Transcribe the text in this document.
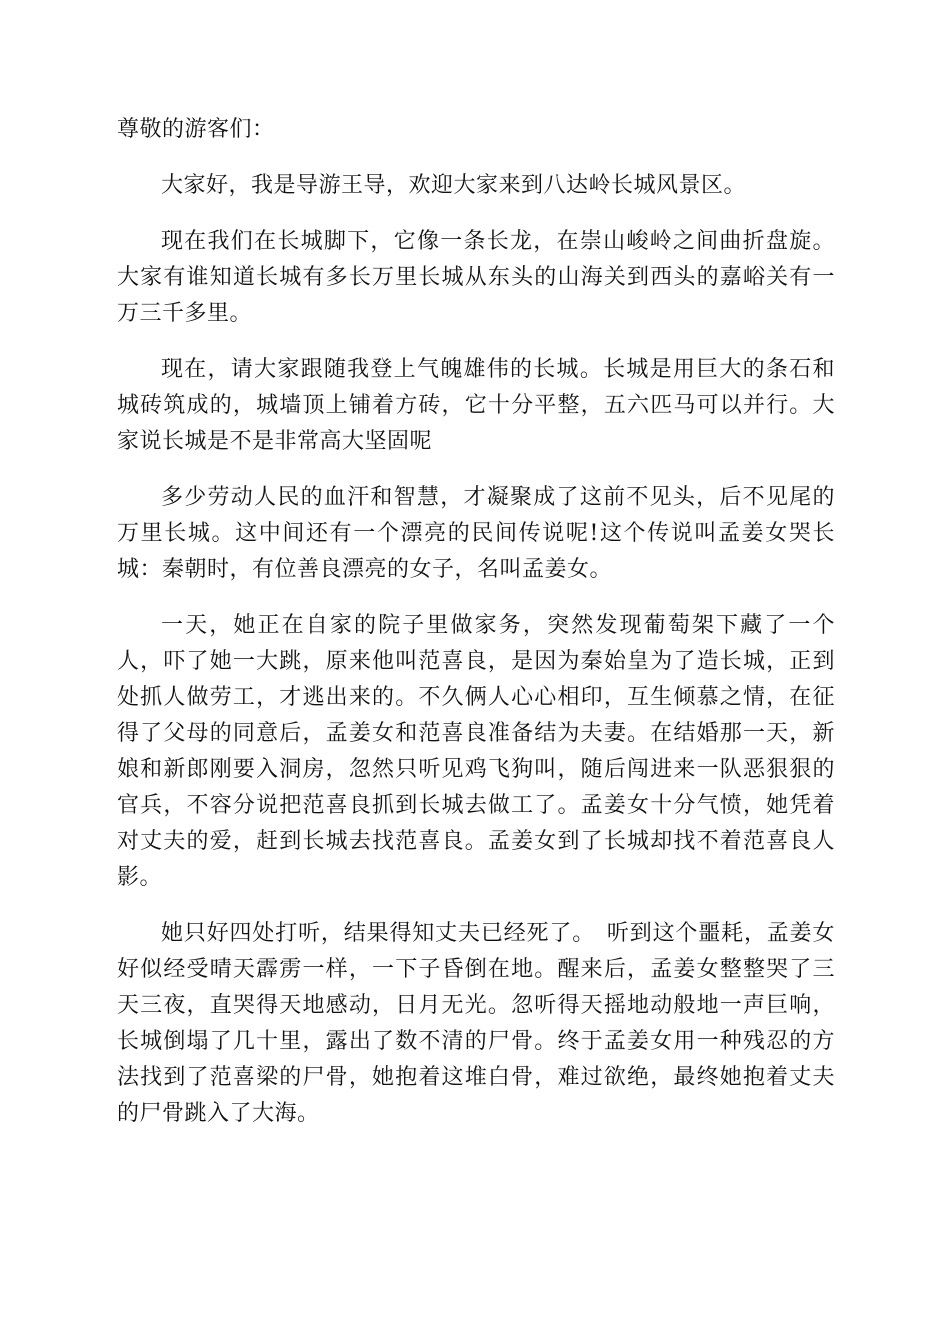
尊敬的游客们：

大家好，我是导游王导，欢迎大家来到八达岭长城风景区。

现在我们在长城脚下，它像一条长龙，在崇山峻岭之间曲折盘旋。大家有谁知道长城有多长万里长城从东头的山海关到西头的嘉峪关有一万三千多里。

现在，请大家跟随我登上气魄雄伟的长城。长城是用巨大的条石和城砖筑成的，城墙顶上铺着方砖，它十分平整，五六匹马可以并行。大家说长城是不是非常高大坚固呢

多少劳动人民的血汗和智慧，才凝聚成了这前不见头，后不见尾的万里长城。这中间还有一个漂亮的民间传说呢!这个传说叫孟姜女哭长城：秦朝时，有位善良漂亮的女子，名叫孟姜女。

一天，她正在自家的院子里做家务，突然发现葡萄架下藏了一个人，吓了她一大跳，原来他叫范喜良，是因为秦始皇为了造长城，正到处抓人做劳工，才逃出来的。不久俩人心心相印，互生倾慕之情，在征得了父母的同意后，孟姜女和范喜良准备结为夫妻。在结婚那一天，新娘和新郎刚要入洞房，忽然只听见鸡飞狗叫，随后闯进来一队恶狠狠的官兵，不容分说把范喜良抓到长城去做工了。孟姜女十分气愤，她凭着对丈夫的爱，赶到长城去找范喜良。孟姜女到了长城却找不着范喜良人影。

她只好四处打听，结果得知丈夫已经死了。　听到这个噩耗，孟姜女好似经受晴天霹雳一样，一下子昏倒在地。醒来后，孟姜女整整哭了三天三夜，直哭得天地感动，日月无光。忽听得天摇地动般地一声巨响，长城倒塌了几十里，露出了数不清的尸骨。终于孟姜女用一种残忍的方法找到了范喜梁的尸骨，她抱着这堆白骨，难过欲绝，最终她抱着丈夫的尸骨跳入了大海。
